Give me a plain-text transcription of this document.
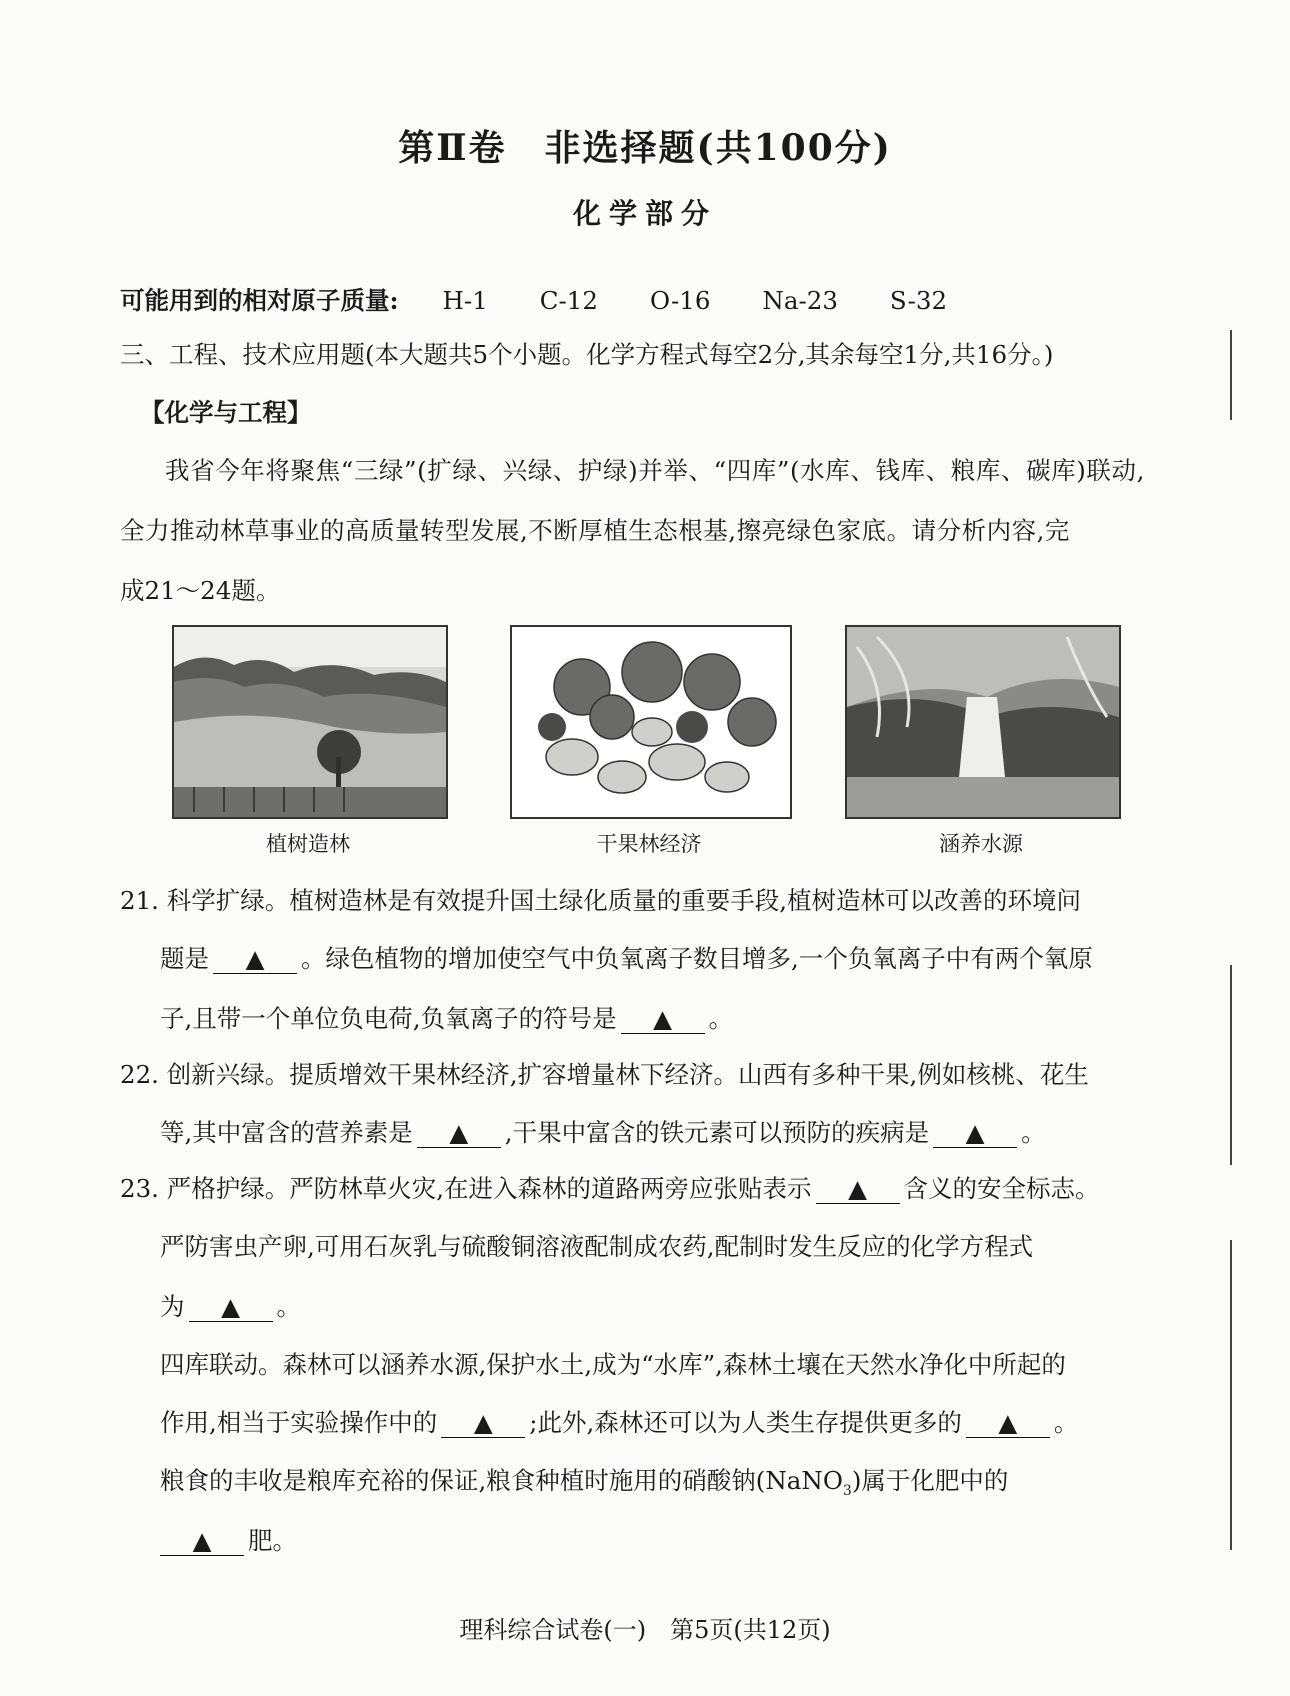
第Ⅱ卷　非选择题(共100分)
化学部分
可能用到的相对原子质量: H-1 C-12 O-16 Na-23 S-32
三、工程、技术应用题(本大题共5个小题。化学方程式每空2分,其余每空1分,共16分。)
【化学与工程】
我省今年将聚焦“三绿”(扩绿、兴绿、护绿)并举、“四库”(水库、钱库、粮库、碳库)联动,
全力推动林草事业的高质量转型发展,不断厚植生态根基,擦亮绿色家底。请分析内容,完
成21～24题。
植树造林	干果林经济	涵养水源
21. 科学扩绿。植树造林是有效提升国土绿化质量的重要手段,植树造林可以改善的环境问
题是 ▲ 。绿色植物的增加使空气中负氧离子数目增多,一个负氧离子中有两个氧原
子,且带一个单位负电荷,负氧离子的符号是 ▲ 。
22. 创新兴绿。提质增效干果林经济,扩容增量林下经济。山西有多种干果,例如核桃、花生
等,其中富含的营养素是 ▲ ,干果中富含的铁元素可以预防的疾病是 ▲ 。
23. 严格护绿。严防林草火灾,在进入森林的道路两旁应张贴表示 ▲ 含义的安全标志。
严防害虫产卵,可用石灰乳与硫酸铜溶液配制成农药,配制时发生反应的化学方程式
为 ▲ 。
四库联动。森林可以涵养水源,保护水土,成为“水库”,森林土壤在天然水净化中所起的
作用,相当于实验操作中的 ▲ ;此外,森林还可以为人类生存提供更多的 ▲ 。
粮食的丰收是粮库充裕的保证,粮食种植时施用的硝酸钠(NaNO$_3$)属于化肥中的
▲ 肥。
理科综合试卷(一)　第5页(共12页)
